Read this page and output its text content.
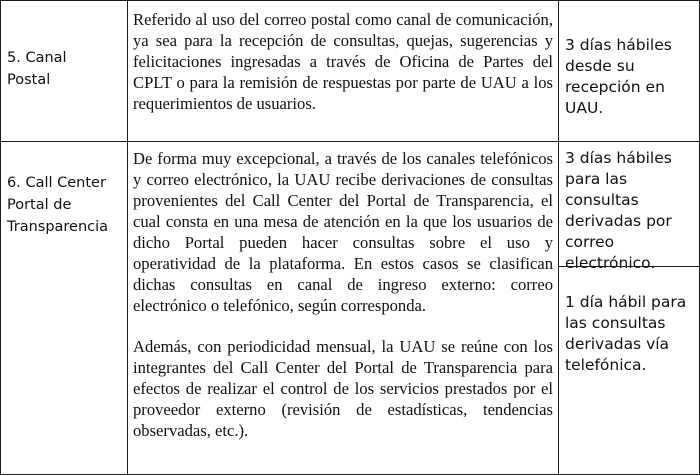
5. Canal Postal
Referido al uso del correo postal como canal de comunicación, ya sea para la recepción de consultas, quejas, sugerencias y felicitaciones ingresadas a través de Oficina de Partes del CPLT o para la remisión de respuestas por parte de UAU a los requerimientos de usuarios.
3 días hábiles desde su recepción en UAU.
6. Call Center Portal de Transparencia
De forma muy excepcional, a través de los canales telefónicos y correo electrónico, la UAU recibe derivaciones de consultas provenientes del Call Center del Portal de Transparencia, el cual consta en una mesa de atención en la que los usuarios de dicho Portal pueden hacer consultas sobre el uso y operatividad de la plataforma. En estos casos se clasifican dichas consultas en canal de ingreso externo: correo electrónico o telefónico, según corresponda.
Además, con periodicidad mensual, la UAU se reúne con los integrantes del Call Center del Portal de Transparencia para efectos de realizar el control de los servicios prestados por el proveedor externo (revisión de estadísticas, tendencias observadas, etc.).
3 días hábiles para las consultas derivadas por correo electrónico.
1 día hábil para las consultas derivadas vía telefónica.
